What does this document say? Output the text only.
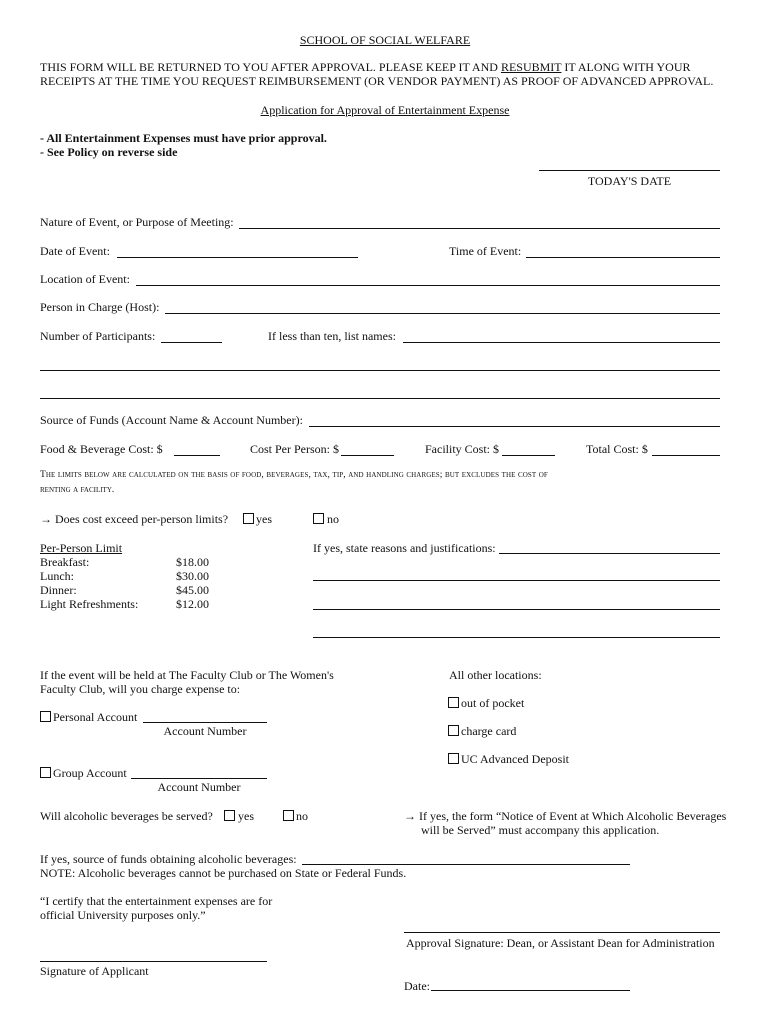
SCHOOL OF SOCIAL WELFARE
THIS FORM WILL BE RETURNED TO YOU AFTER APPROVAL. PLEASE KEEP IT AND RESUBMIT IT ALONG WITH YOUR
RECEIPTS AT THE TIME YOU REQUEST REIMBURSEMENT (OR VENDOR PAYMENT) AS PROOF OF ADVANCED APPROVAL.
Application for Approval of Entertainment Expense
- All Entertainment Expenses must have prior approval.
- See Policy on reverse side
TODAY'S DATE
Nature of Event, or Purpose of Meeting:
Date of Event:	Time of Event:
Location of Event:
Person in Charge (Host):
Number of Participants:	If less than ten, list names:
Source of Funds (Account Name & Account Number):
Food & Beverage Cost: $	Cost Per Person: $	Facility Cost: $	Total Cost: $
The limits below are calculated on the basis of food, beverages, tax, tip, and handling charges; but excludes the cost of
renting a facility.
→ Does cost exceed per-person limits? yes	no
Per-Person Limit
Breakfast:	$18.00
Lunch:	$30.00
Dinner:	$45.00
Light Refreshments:	$12.00
If yes, state reasons and justifications:
If the event will be held at The Faculty Club or The Women's
Faculty Club, will you charge expense to:
Personal Account
Account Number
Group Account
Account Number
All other locations:
out of pocket
charge card
UC Advanced Deposit
Will alcoholic beverages be served? yes	no	→ If yes, the form “Notice of Event at Which Alcoholic Beverages
will be Served” must accompany this application.
If yes, source of funds obtaining alcoholic beverages:
NOTE: Alcoholic beverages cannot be purchased on State or Federal Funds.
“I certify that the entertainment expenses are for
official University purposes only.”
Approval Signature: Dean, or Assistant Dean for Administration
Signature of Applicant
Date:
